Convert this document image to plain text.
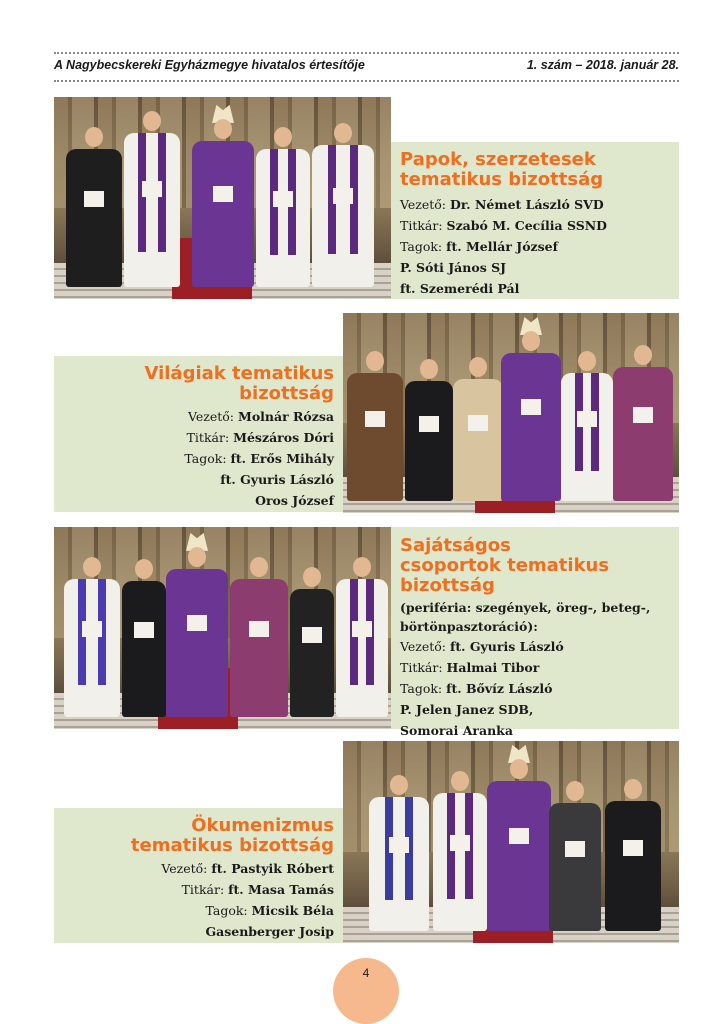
A Nagybecskereki Egyházmegye hivatalos értesítője	1. szám – 2018. január 28.
Papok, szerzetesek
tematikus bizottság
Vezető: Dr. Német László SVD
Titkár: Szabó M. Cecília SSND
Tagok: ft. Mellár József
P. Sóti János SJ
ft. Szemerédi Pál
Világiak tematikus
bizottság
Vezető: Molnár Rózsa
Titkár: Mészáros Dóri
Tagok: ft. Erős Mihály
ft. Gyuris László
Oros József
Sajátságos
csoportok tematikus
bizottság
(periféria: szegények, öreg-, beteg-,
börtönpasztoráció):
Vezető: ft. Gyuris László
Titkár: Halmai Tibor
Tagok: ft. Bővíz László
P. Jelen Janez SDB,
Somorai Aranka
Ökumenizmus
tematikus bizottság
Vezető: ft. Pastyik Róbert
Titkár: ft. Masa Tamás
Tagok: Micsik Béla
Gasenberger Josip
4
